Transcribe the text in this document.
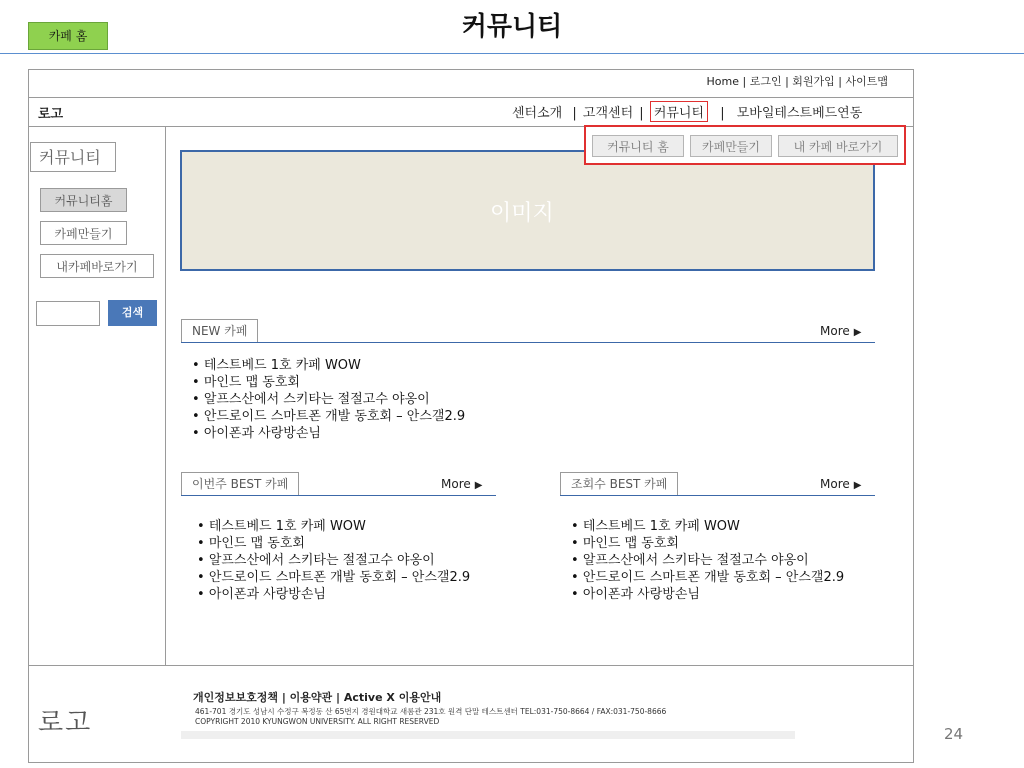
카페 홈	커뮤니티
Home | 로그인 | 회원가입 | 사이트맵
로고	센터소개 | 고객센터 | 커뮤니티 | 모바일테스트베드연동
커뮤니티
커뮤니티홈
카페만들기
내카페바로가기
검색
이미지
커뮤니티 홈	카페만들기	내 카페 바로가기
NEW 카페	More ▶
• 테스트베드 1호 카페 WOW
• 마인드 맵 동호회
• 알프스산에서 스키타는 절절고수 야옹이
• 안드로이드 스마트폰 개발 동호회 – 안스갤2.9
• 아이폰과 사랑방손님
이번주 BEST 카페	More ▶
• 테스트베드 1호 카페 WOW
• 마인드 맵 동호회
• 알프스산에서 스키타는 절절고수 야옹이
• 안드로이드 스마트폰 개발 동호회 – 안스갤2.9
• 아이폰과 사랑방손님
조회수 BEST 카페	More ▶
• 테스트베드 1호 카페 WOW
• 마인드 맵 동호회
• 알프스산에서 스키타는 절절고수 야옹이
• 안드로이드 스마트폰 개발 동호회 – 안스갤2.9
• 아이폰과 사랑방손님
로고
개인정보보호정책 | 이용약관 | Active X 이용안내
461-701 경기도 성남시 수정구 복정동 산 65번지 경원대학교 새롬관 231호 원격 단말 테스트센터 TEL:031-750-8664 / FAX:031-750-8666
COPYRIGHT 2010 KYUNGWON UNIVERSITY. ALL RIGHT RESERVED
24
